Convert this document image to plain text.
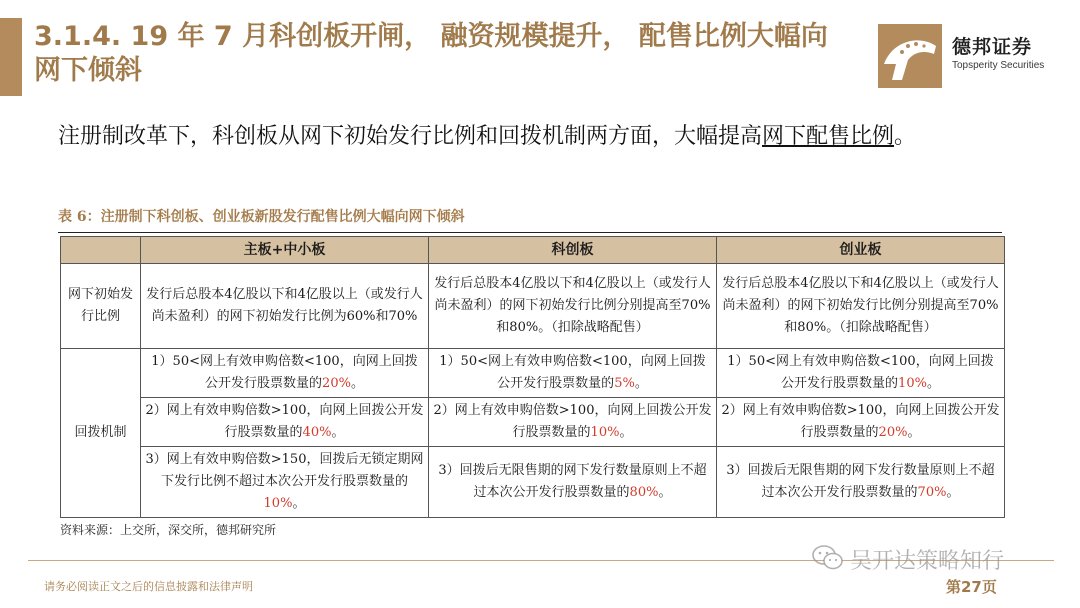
3.1.4. 19 年 7 月科创板开闸， 融资规模提升， 配售比例大幅向网下倾斜
德邦证券
Topsperity Securities
注册制改革下，科创板从网下初始发行比例和回拨机制两方面，大幅提高网下配售比例。
表 6：注册制下科创板、创业板新股发行配售比例大幅向网下倾斜
	主板+中小板	科创板	创业板
网下初始发行比例	发行后总股本4亿股以下和4亿股以上（或发行人尚未盈利）的网下初始发行比例为60%和70%	发行后总股本4亿股以下和4亿股以上（或发行人尚未盈利）的网下初始发行比例分别提高至70%和80%。（扣除战略配售）	发行后总股本4亿股以下和4亿股以上（或发行人尚未盈利）的网下初始发行比例分别提高至70%和80%。（扣除战略配售）
回拨机制	1）50<网上有效申购倍数<100，向网上回拨公开发行股票数量的20%。	1）50<网上有效申购倍数<100，向网上回拨公开发行股票数量的5%。	1）50<网上有效申购倍数<100，向网上回拨公开发行股票数量的10%。
	2）网上有效申购倍数>100，向网上回拨公开发行股票数量的40%。	2）网上有效申购倍数>100，向网上回拨公开发行股票数量的10%。	2）网上有效申购倍数>100，向网上回拨公开发行股票数量的20%。
	3）网上有效申购倍数>150，回拨后无锁定期网下发行比例不超过本次公开发行股票数量的10%。	3）回拨后无限售期的网下发行数量原则上不超过本次公开发行股票数量的80%。	3）回拨后无限售期的网下发行数量原则上不超过本次公开发行股票数量的70%。
资料来源：上交所，深交所，德邦研究所
请务必阅读正文之后的信息披露和法律声明
吴开达策略知行
第27页
